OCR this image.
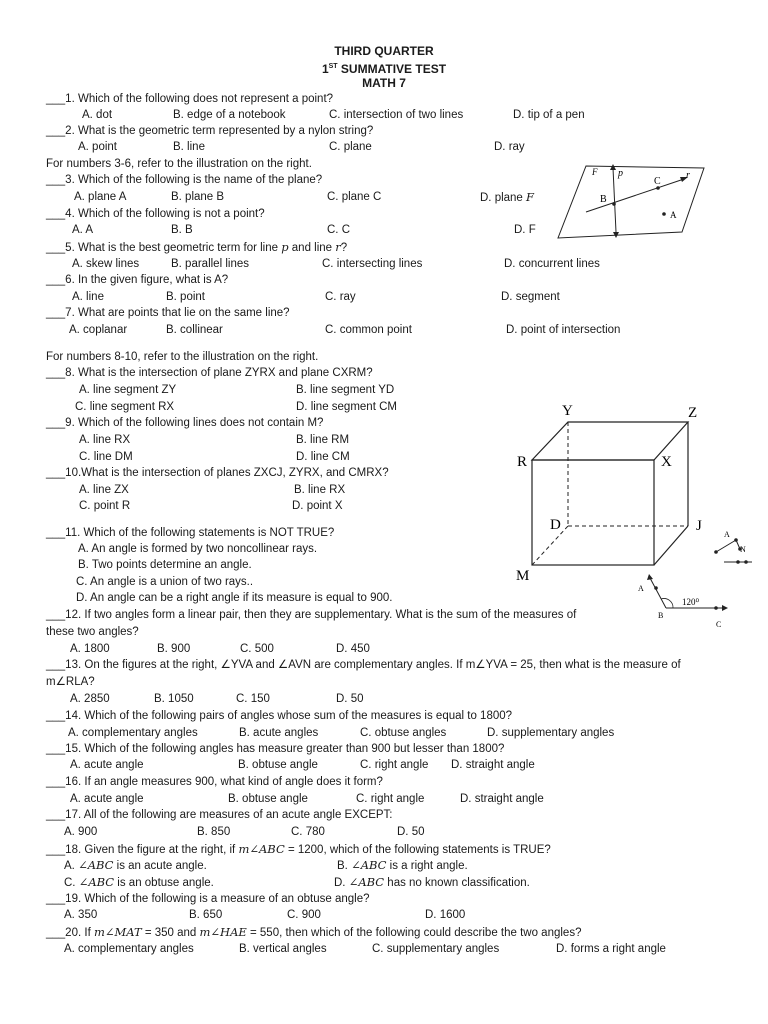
THIRD QUARTER
1ST SUMMATIVE TEST
MATH 7
___1. Which of the following does not represent a point?
A. dot	B. edge of a notebook	C. intersection of two lines	D. tip of a pen
___2. What is the geometric term represented by a nylon string?
A. point	B. line	C. plane	D. ray
For numbers 3-6, refer to the illustration on the right.
___3. Which of the following is the name of the plane?
A. plane A	B. plane B	C. plane C	D. plane F
___4. Which of the following is not a point?
A. A	B. B	C. C	D. F
___5. What is the best geometric term for line p and line r?
A. skew lines	B. parallel lines	C. intersecting lines	D. concurrent lines
___6. In the given figure, what is A?
A. line	B. point	C. ray	D. segment
___7. What are points that lie on the same line?
A. coplanar	B. collinear	C. common point	D. point of intersection
For numbers 8-10, refer to the illustration on the right.
___8. What is the intersection of plane ZYRX and plane CXRM?
A. line segment ZY	B. line segment YD
C. line segment RX	D. line segment CM
___9. Which of the following lines does not contain M?
A. line RX	B. line RM
C. line DM	D. line CM
___10.What is the intersection of planes ZXCJ, ZYRX, and CMRX?
A. line ZX	B. line RX
C. point R	D. point X
___11. Which of the following statements is NOT TRUE?
A. An angle is formed by two noncollinear rays.
B. Two points determine an angle.
C. An angle is a union of two rays..
D. An angle can be a right angle if its measure is equal to 900.
___12. If two angles form a linear pair, then they are supplementary. What is the sum of the measures of
these two angles?
A. 1800	B. 900	C. 500	D. 450
___13. On the figures at the right, ∠YVA and ∠AVN are complementary angles. If m∠YVA = 25, then what is the measure of
m∠RLA?
A. 2850	B. 1050	C. 150	D. 50
___14. Which of the following pairs of angles whose sum of the measures is equal to 1800?
A. complementary angles	B. acute angles	C. obtuse angles	D. supplementary angles
___15. Which of the following angles has measure greater than 900 but lesser than 1800?
A. acute angle	B. obtuse angle	C. right angle D. straight angle
___16. If an angle measures 900, what kind of angle does it form?
A. acute angle	B. obtuse angle	C. right angle	D. straight angle
___17. All of the following are measures of an acute angle EXCEPT:
A. 900	B. 850	C. 780	D. 50
___18. Given the figure at the right, if m∠ABC = 1200, which of the following statements is TRUE?
A. ∠ABC is an acute angle.	B. ∠ABC is a right angle.
C. ∠ABC is an obtuse angle.	D. ∠ABC has no known classification.
___19. Which of the following is a measure of an obtuse angle?
A. 350	B. 650	C. 900	D. 1600
___20. If m∠MAT = 350 and m∠HAE = 550, then which of the following could describe the two angles?
A. complementary angles	B. vertical angles	C. supplementary angles	D. forms a right angle
F p
C
r
B
A
Y	Z
R	X
D	J
M
A
N
A
B
C
120⁰
